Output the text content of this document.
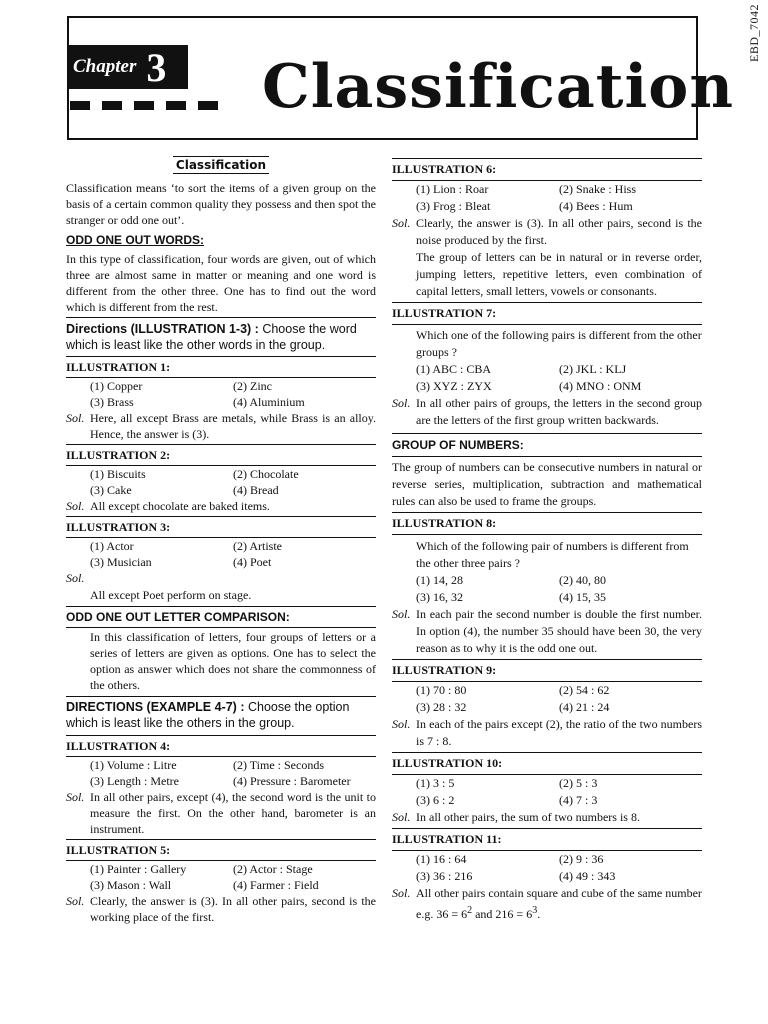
EBD_7042
Chapter 3 Classification
Classification

Classification means ‘to sort the items of a given group on the basis of a certain common quality they possess and then spot the stranger or odd one out’.

ODD ONE OUT WORDS:

In this type of classification, four words are given, out of which three are almost same in matter or meaning and one word is different from the other three. One has to find out the word which is different from the rest.

Directions (ILLUSTRATION 1-3) : Choose the word which is least like the other words in the group.

ILLUSTRATION 1:
(1) Copper	(2) Zinc
(3) Brass	(4) Aluminium
Sol. Here, all except Brass are metals, while Brass is an alloy. Hence, the answer is (3).
ILLUSTRATION 2:
(1) Biscuits	(2) Chocolate
(3) Cake	(4) Bread
Sol. All except chocolate are baked items.
ILLUSTRATION 3:
(1) Actor	(2) Artiste
(3) Musician	(4) Poet
Sol.

All except Poet perform on stage.

ODD ONE OUT LETTER COMPARISON:

In this classification of letters, four groups of letters or a series of letters are given as options. One has to select the option as answer which does not share the commonness of the others.

DIRECTIONS (EXAMPLE 4-7) : Choose the option which is least like the others in the group.

ILLUSTRATION 4:
(1) Volume : Litre	(2) Time : Seconds
(3) Length : Metre	(4) Pressure : Barometer
Sol. In all other pairs, except (4), the second word is the unit to measure the first. On the other hand, barometer is an instrument.
ILLUSTRATION 5:
(1) Painter : Gallery	(2) Actor : Stage
(3) Mason : Wall	(4) Farmer : Field
Sol. Clearly, the answer is (3). In all other pairs, second is the working place of the first.
ILLUSTRATION 6:
(1) Lion : Roar	(2) Snake : Hiss
(3) Frog : Bleat	(4) Bees : Hum
Sol. Clearly, the answer is (3). In all other pairs, second is the noise produced by the first.

The group of letters can be in natural or in reverse order, jumping letters, repetitive letters, even combination of capital letters, small letters, vowels or consonants.

ILLUSTRATION 7:

Which one of the following pairs is different from the other groups ?

(1) ABC : CBA	(2) JKL : KLJ
(3) XYZ : ZYX	(4) MNO : ONM
Sol. In all other pairs of groups, the letters in the second group are the letters of the first group written backwards.
GROUP OF NUMBERS:

The group of numbers can be consecutive numbers in natural or reverse series, multiplication, subtraction and mathematical rules can also be used to frame the groups.

ILLUSTRATION 8:

Which of the following pair of numbers is different from the other three pairs ?

(1) 14, 28	(2) 40, 80
(3) 16, 32	(4) 15, 35
Sol. In each pair the second number is double the first number. In option (4), the number 35 should have been 30, the very reason as to why it is the odd one out.
ILLUSTRATION 9:
(1) 70 : 80	(2) 54 : 62
(3) 28 : 32	(4) 21 : 24
Sol. In each of the pairs except (2), the ratio of the two numbers is 7 : 8.
ILLUSTRATION 10:
(1) 3 : 5	(2) 5 : 3
(3) 6 : 2	(4) 7 : 3
Sol. In all other pairs, the sum of two numbers is 8.
ILLUSTRATION 11:
(1) 16 : 64	(2) 9 : 36
(3) 36 : 216	(4) 49 : 343
Sol. All other pairs contain square and cube of the same number

e.g. $36 = 6^2$ and $216 = 6^3$.
